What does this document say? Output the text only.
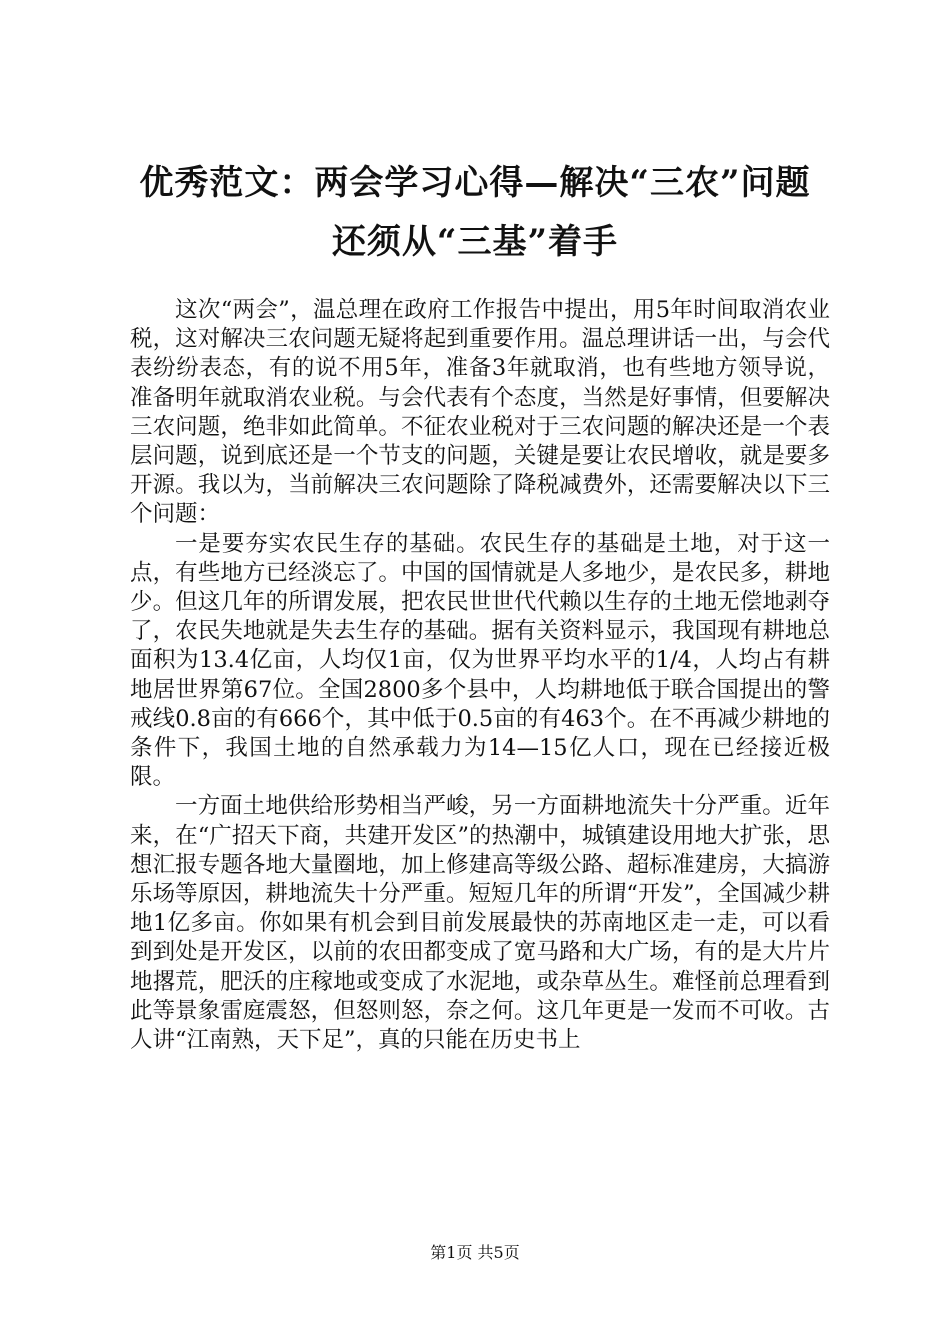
优秀范文：两会学习心得—解决“三农”问题
还须从“三基”着手

这次“两会”，温总理在政府工作报告中提出，用5年时间取消农业税，这对解决三农问题无疑将起到重要作用。温总理讲话一出，与会代表纷纷表态，有的说不用5年，准备3年就取消，也有些地方领导说，准备明年就取消农业税。与会代表有个态度，当然是好事情，但要解决三农问题，绝非如此简单。不征农业税对于三农问题的解决还是一个表层问题，说到底还是一个节支的问题，关键是要让农民增收，就是要多开源。我以为，当前解决三农问题除了降税减费外，还需要解决以下三个问题：

一是要夯实农民生存的基础。农民生存的基础是土地，对于这一点，有些地方已经淡忘了。中国的国情就是人多地少，是农民多，耕地少。但这几年的所谓发展，把农民世世代代赖以生存的土地无偿地剥夺了，农民失地就是失去生存的基础。据有关资料显示，我国现有耕地总面积为13.4亿亩，人均仅1亩，仅为世界平均水平的1/4，人均占有耕地居世界第67位。全国2800多个县中，人均耕地低于联合国提出的警戒线0.8亩的有666个，其中低于0.5亩的有463个。在不再减少耕地的条件下，我国土地的自然承载力为14—15亿人口，现在已经接近极限。

一方面土地供给形势相当严峻，另一方面耕地流失十分严重。近年来，在“广招天下商，共建开发区”的热潮中，城镇建设用地大扩张，思想汇报专题各地大量圈地，加上修建高等级公路、超标准建房，大搞游乐场等原因，耕地流失十分严重。短短几年的所谓“开发”，全国减少耕地1亿多亩。你如果有机会到目前发展最快的苏南地区走一走，可以看到到处是开发区，以前的农田都变成了宽马路和大广场，有的是大片片地撂荒，肥沃的庄稼地或变成了水泥地，或杂草丛生。难怪前总理看到此等景象雷庭震怒，但怒则怒，奈之何。这几年更是一发而不可收。古人讲“江南熟，天下足”，真的只能在历史书上

第1页 共5页
